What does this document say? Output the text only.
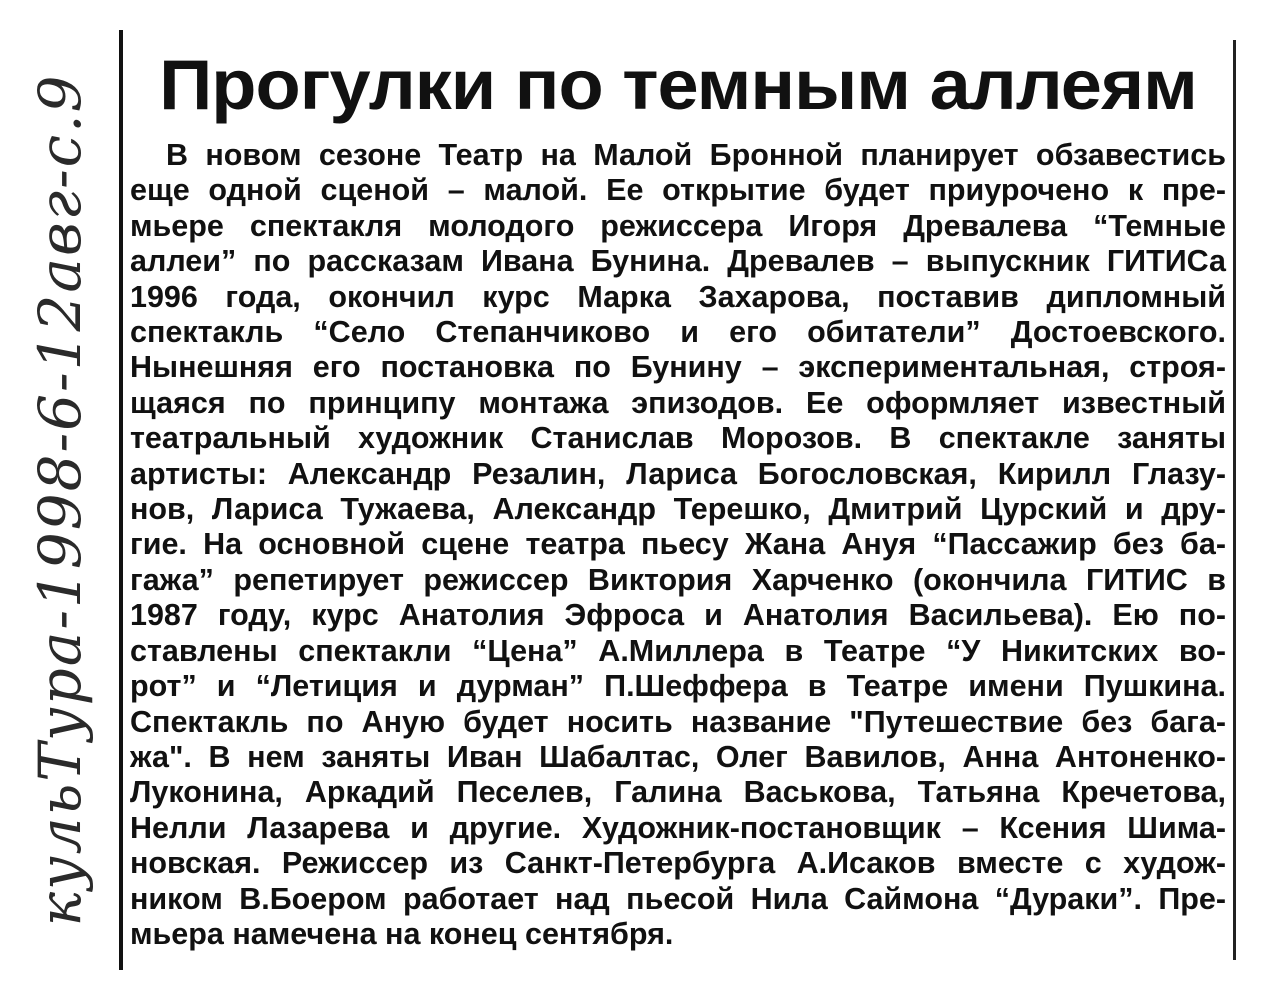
кульТура-1998-6-12авг-с.9 Прогулки по темным аллеям
В новом сезоне Театр на Малой Бронной планирует обзавестись
еще одной сценой – малой. Ее открытие будет приурочено к пре-
мьере спектакля молодого режиссера Игоря Древалева “Темные
аллеи” по рассказам Ивана Бунина. Древалев – выпускник ГИТИСа
1996 года, окончил курс Марка Захарова, поставив дипломный
спектакль “Село Степанчиково и его обитатели” Достоевского.
Нынешняя его постановка по Бунину – экспериментальная, строя-
щаяся по принципу монтажа эпизодов. Ее оформляет известный
театральный художник Станислав Морозов. В спектакле заняты
артисты: Александр Резалин, Лариса Богословская, Кирилл Глазу-
нов, Лариса Тужаева, Александр Терешко, Дмитрий Цурский и дру-
гие. На основной сцене театра пьесу Жана Ануя “Пассажир без ба-
гажа” репетирует режиссер Виктория Харченко (окончила ГИТИС в
1987 году, курс Анатолия Эфроса и Анатолия Васильева). Ею по-
ставлены спектакли “Цена” А.Миллера в Театре “У Никитских во-
рот” и “Летиция и дурман” П.Шеффера в Театре имени Пушкина.
Спектакль по Аную будет носить название "Путешествие без бага-
жа". В нем заняты Иван Шабалтас, Олег Вавилов, Анна Антоненко-
Луконина, Аркадий Песелев, Галина Васькова, Татьяна Кречетова,
Нелли Лазарева и другие. Художник-постановщик – Ксения Шима-
новская. Режиссер из Санкт-Петербурга А.Исаков вместе с худож-
ником В.Боером работает над пьесой Нила Саймона “Дураки”. Пре-
мьера намечена на конец сентября.
